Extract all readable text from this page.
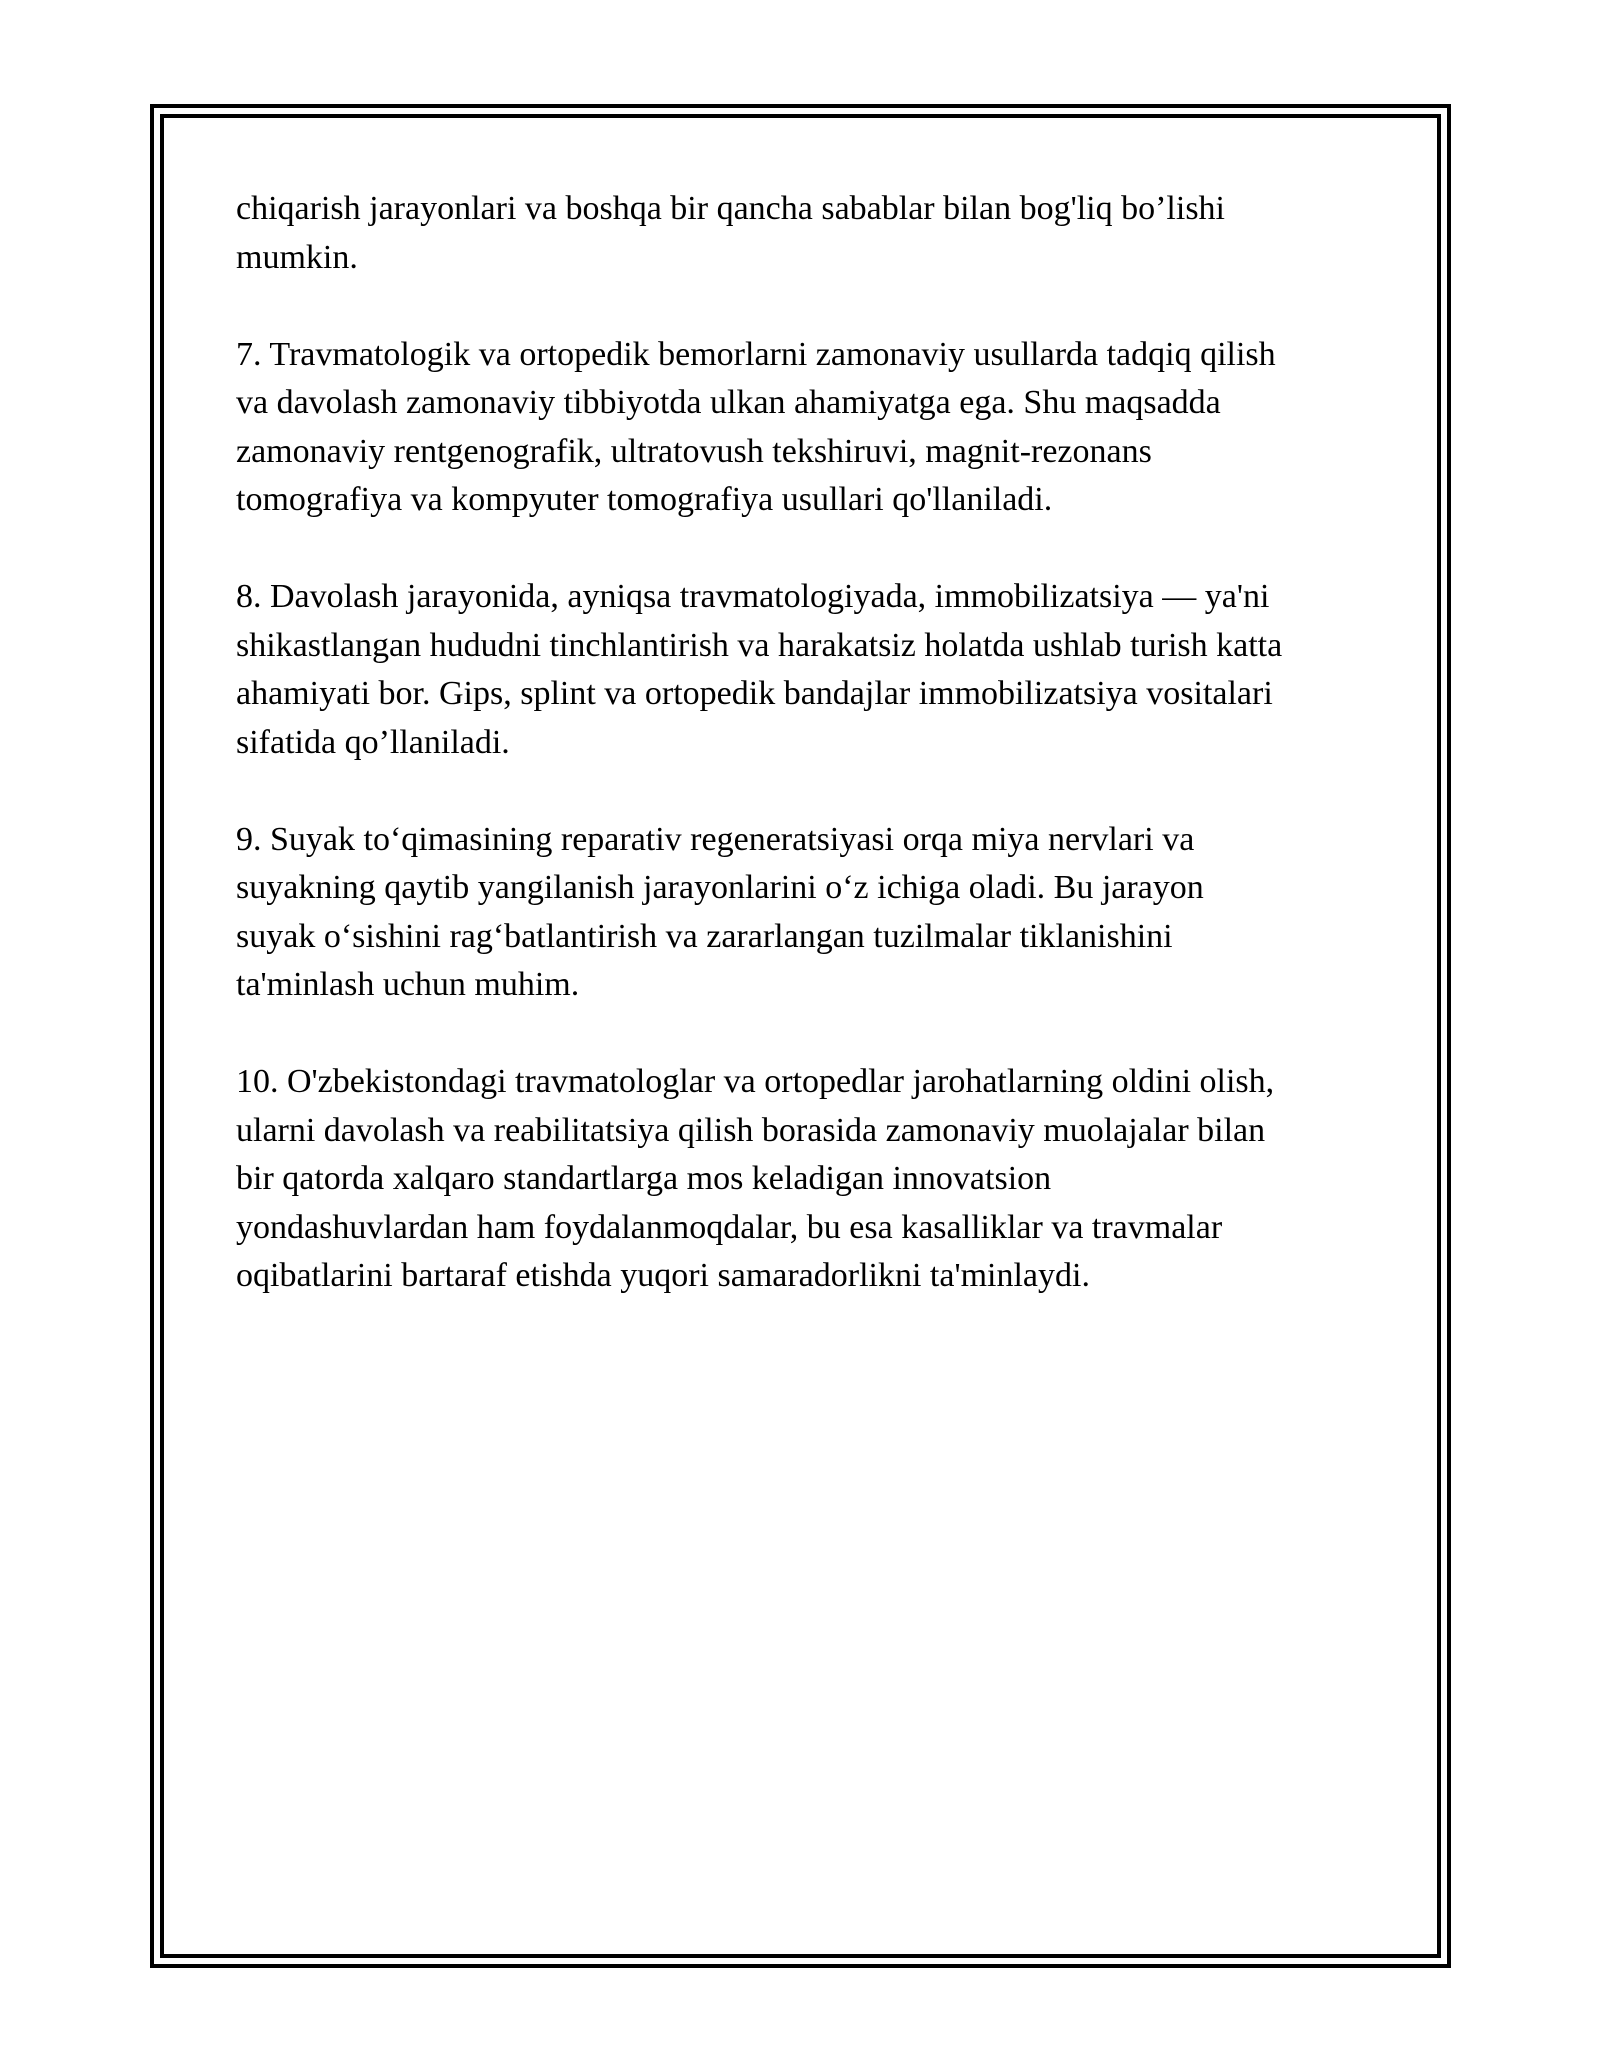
chiqarish jarayonlari va boshqa bir qancha sabablar bilan bog'liq bo’lishi
mumkin.

7. Travmatologik va ortopedik bemorlarni zamonaviy usullarda tadqiq qilish
va davolash zamonaviy tibbiyotda ulkan ahamiyatga ega. Shu maqsadda
zamonaviy rentgenografik, ultratovush tekshiruvi, magnit-rezonans
tomografiya va kompyuter tomografiya usullari qo'llaniladi.

8. Davolash jarayonida, ayniqsa travmatologiyada, immobilizatsiya — ya'ni
shikastlangan hududni tinchlantirish va harakatsiz holatda ushlab turish katta
ahamiyati bor. Gips, splint va ortopedik bandajlar immobilizatsiya vositalari
sifatida qo’llaniladi.

9. Suyak to‘qimasining reparativ regeneratsiyasi orqa miya nervlari va
suyakning qaytib yangilanish jarayonlarini o‘z ichiga oladi. Bu jarayon
suyak o‘sishini rag‘batlantirish va zararlangan tuzilmalar tiklanishini
ta'minlash uchun muhim.

10. O'zbekistondagi travmatologlar va ortopedlar jarohatlarning oldini olish,
ularni davolash va reabilitatsiya qilish borasida zamonaviy muolajalar bilan
bir qatorda xalqaro standartlarga mos keladigan innovatsion
yondashuvlardan ham foydalanmoqdalar, bu esa kasalliklar va travmalar
oqibatlarini bartaraf etishda yuqori samaradorlikni ta'minlaydi.
